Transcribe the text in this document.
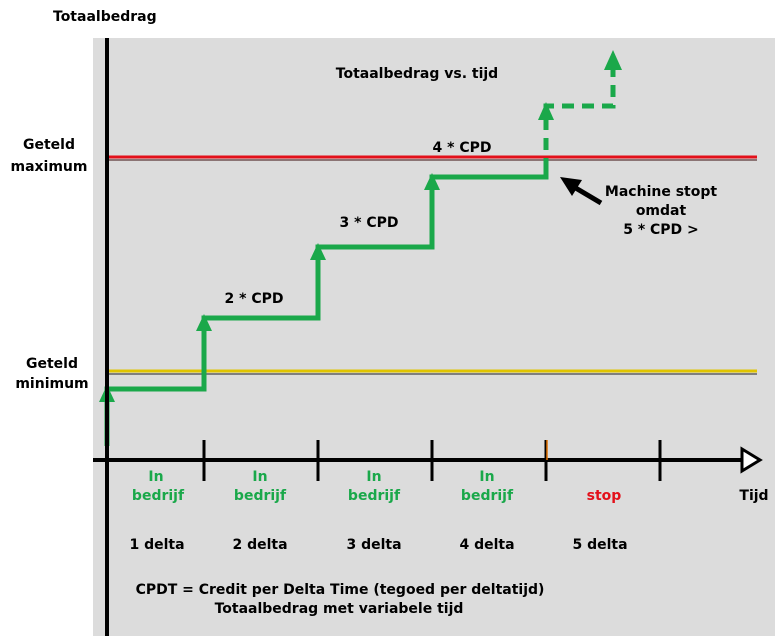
Totaalbedrag
Totaalbedrag vs. tijd
Geteld
maximum
Geteld
minimum
2 * CPD
3 * CPD
4 * CPD
Machine stopt
omdat
5 * CPD >
Tijd
In
bedrijf
In
bedrijf
In
bedrijf
In
bedrijf	stop
1 delta	2 delta	3 delta	4 delta	5 delta
CPDT = Credit per Delta Time (tegoed per deltatijd)
Totaalbedrag met variabele tijd
